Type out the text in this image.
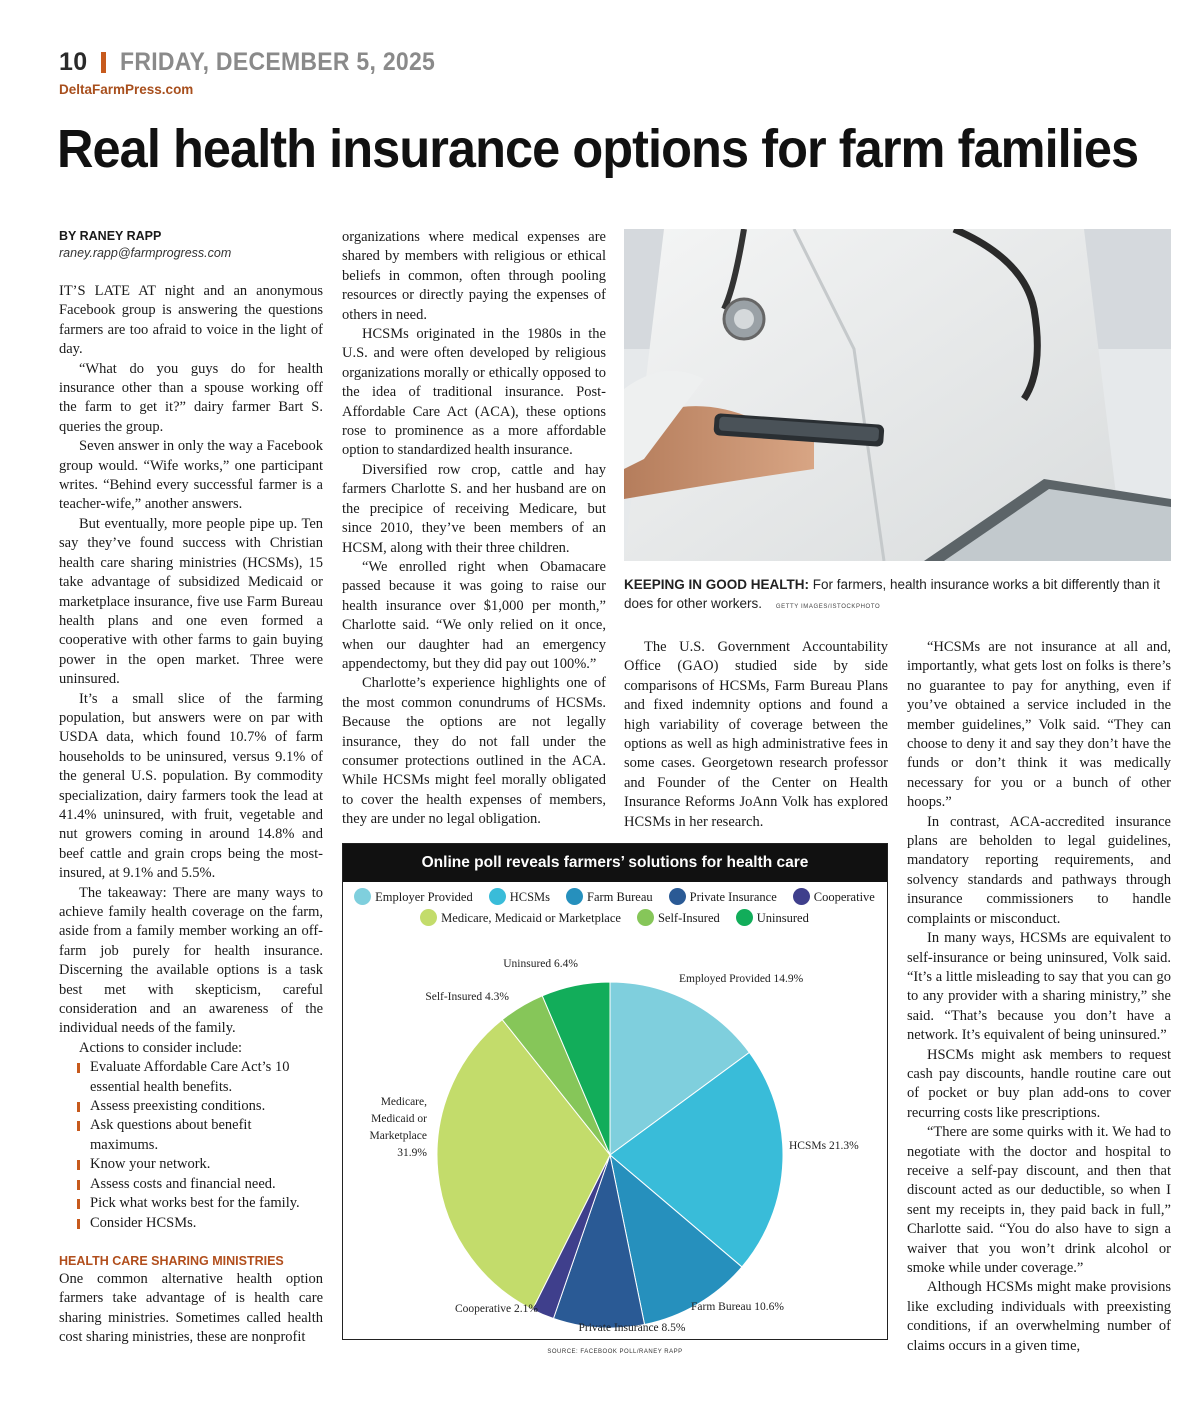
10 FRIDAY, DECEMBER 5, 2025
DeltaFarmPress.com
Real health insurance options for farm families
BY RANEY RAPP
raney.rapp@farmprogress.com

IT’S LATE AT night and an anonymous Facebook group is answering the questions farmers are too afraid to voice in the light of day.

“What do you guys do for health insurance other than a spouse working off the farm to get it?” dairy farmer Bart S. queries the group.

Seven answer in only the way a Facebook group would. “Wife works,” one participant writes. “Behind every successful farmer is a teacher-wife,” another answers.

But eventually, more people pipe up. Ten say they’ve found success with Christian health care sharing ministries (HCSMs), 15 take advantage of subsidized Medicaid or marketplace insurance, five use Farm Bureau health plans and one even formed a cooperative with other farms to gain buying power in the open market. Three were uninsured.

It’s a small slice of the farming population, but answers were on par with USDA data, which found 10.7% of farm households to be uninsured, versus 9.1% of the general U.S. population. By commodity specialization, dairy farmers took the lead at 41.4% uninsured, with fruit, vegetable and nut growers coming in around 14.8% and beef cattle and grain crops being the most-insured, at 9.1% and 5.5%.

The takeaway: There are many ways to achieve family health coverage on the farm, aside from a family member working an off-farm job purely for health insurance. Discerning the available options is a task best met with skepticism, careful consideration and an awareness of the individual needs of the family.

Actions to consider include:
Evaluate Affordable Care Act’s 10 essential health benefits.
Assess preexisting conditions.
Ask questions about benefit maximums.
Know your network.
Assess costs and financial need.
Pick what works best for the family.
Consider HCSMs.
HEALTH CARE SHARING MINISTRIES

One common alternative health option farmers take advantage of is health care sharing ministries. Sometimes called health cost sharing ministries, these are nonprofit

organizations where medical expenses are shared by members with religious or ethical beliefs in common, often through pooling resources or directly paying the expenses of others in need.

HCSMs originated in the 1980s in the U.S. and were often developed by religious organizations morally or ethically opposed to the idea of traditional insurance. Post-Affordable Care Act (ACA), these options rose to prominence as a more affordable option to standardized health insurance.

Diversified row crop, cattle and hay farmers Charlotte S. and her husband are on the precipice of receiving Medicare, but since 2010, they’ve been members of an HCSM, along with their three children.

“We enrolled right when Obamacare passed because it was going to raise our health insurance over $1,000 per month,” Charlotte said. “We only relied on it once, when our daughter had an emergency appendectomy, but they did pay out 100%.”

Charlotte’s experience highlights one of the most common conundrums of HCSMs. Because the options are not legally insurance, they do not fall under the consumer protections outlined in the ACA. While HCSMs might feel morally obligated to cover the health expenses of members, they are under no legal obligation.

KEEPING IN GOOD HEALTH: For farmers, health insurance works a bit differently than it does for other workers. GETTY IMAGES/ISTOCKPHOTO

The U.S. Government Accountability Office (GAO) studied side by side comparisons of HCSMs, Farm Bureau Plans and fixed indemnity options and found a high variability of coverage between the options as well as high administrative fees in some cases. Georgetown research professor and Founder of the Center on Health Insurance Reforms JoAnn Volk has explored HCSMs in her research.

“HCSMs are not insurance at all and, importantly, what gets lost on folks is there’s no guarantee to pay for anything, even if you’ve obtained a service included in the member guidelines,” Volk said. “They can choose to deny it and say they don’t have the funds or don’t think it was medically necessary for you or a bunch of other hoops.”

In contrast, ACA-accredited insurance plans are beholden to legal guidelines, mandatory reporting requirements, and solvency standards and pathways through insurance commissioners to handle complaints or misconduct.

In many ways, HCSMs are equivalent to self-insurance or being uninsured, Volk said. “It’s a little misleading to say that you can go to any provider with a sharing ministry,” she said. “That’s because you don’t have a network. It’s equivalent of being uninsured.”

HSCMs might ask members to request cash pay discounts, handle routine care out of pocket or buy plan add-ons to cover recurring costs like prescriptions.

“There are some quirks with it. We had to negotiate with the doctor and hospital to receive a self-pay discount, and then that discount acted as our deductible, so when I sent my receipts in, they paid back in full,” Charlotte said. “You do also have to sign a waiver that you won’t drink alcohol or smoke while under coverage.”

Although HCSMs might make provisions like excluding individuals with preexisting conditions, if an overwhelming number of claims occurs in a given time,

Online poll reveals farmers’ solutions for health care
Employer Provided	HCSMs	Farm Bureau	Private Insurance	Cooperative
Medicare, Medicaid or Marketplace	Self-Insured	Uninsured
Employed Provided 14.9%
HCSMs 21.3%
Farm Bureau 10.6%
Private Insurance 8.5%
Cooperative 2.1%
Medicare, Medicaid or Marketplace 31.9%
Self-Insured 4.3%
Uninsured 6.4%
SOURCE: FACEBOOK POLL/RANEY RAPP
